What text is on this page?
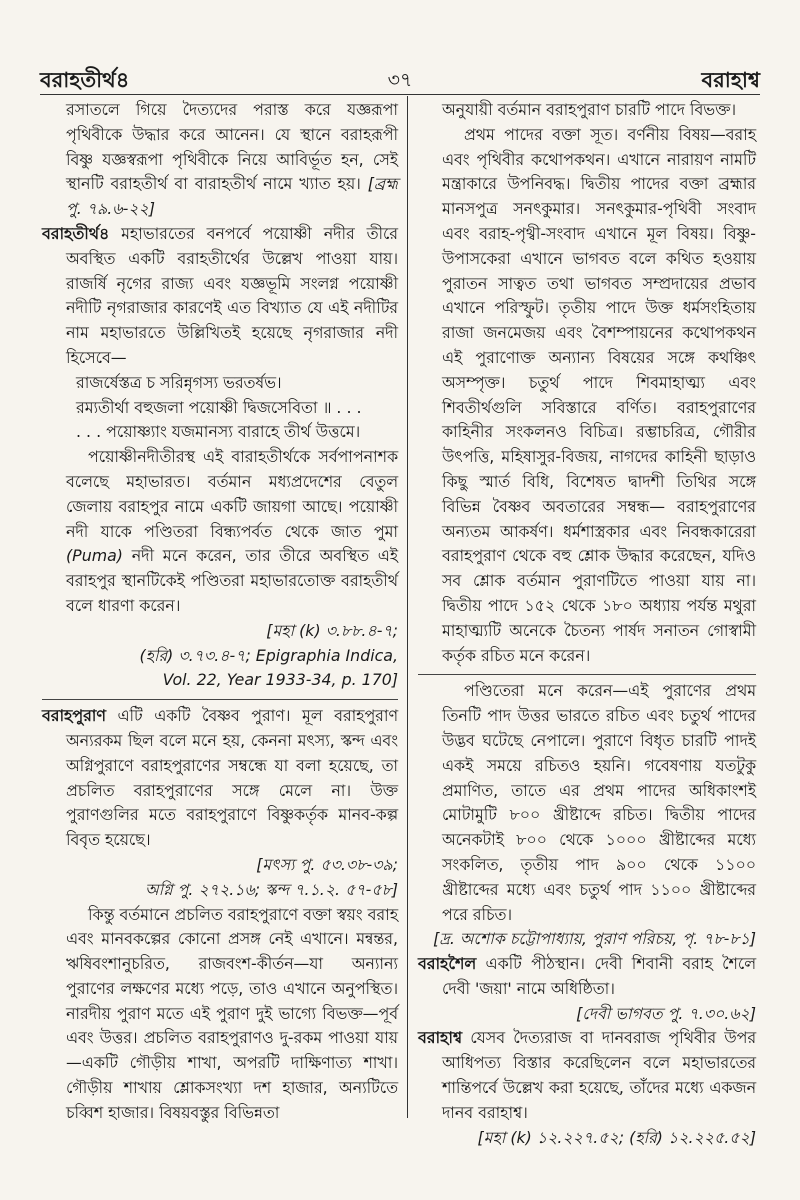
বরাহতীর্থ৪	৩৭	বরাহাশ্ব

রসাতলে গিয়ে দৈত্যদের পরাস্ত করে যজ্ঞরূপা পৃথিবীকে উদ্ধার করে আনেন। যে স্থানে বরাহরূপী বিষ্ণু যজ্ঞস্বরূপা পৃথিবীকে নিয়ে আবির্ভূত হন, সেই স্থানটি বরাহতীর্থ বা বারাহতীর্থ নামে খ্যাত হয়। [ব্রহ্ম পু. ৭৯.৬-২২]

বরাহতীর্থ৪ মহাভারতের বনপর্বে পয়োষ্ণী নদীর তীরে অবস্থিত একটি বরাহতীর্থের উল্লেখ পাওয়া যায়। রাজর্ষি নৃগের রাজ্য এবং যজ্ঞভূমি সংলগ্ন পয়োষ্ণী নদীটি নৃগরাজার কারণেই এত বিখ্যাত যে এই নদীটির নাম মহাভারতে উল্লিখিতই হয়েছে নৃগরাজার নদী হিসেবে—

রাজর্ষেস্তত্র চ সরিন্নৃগস্য ভরতর্ষভ।

রম্যতীর্থা বহুজলা পয়োষ্ণী দ্বিজসেবিতা ॥ . . .

. . . পয়োষ্ণ্যাং যজমানস্য বারাহে তীর্থ উত্তমে।

পয়োষ্ণীনদীতীরস্থ এই বারাহতীর্থকে সর্বপাপনাশক বলেছে মহাভারত। বর্তমান মধ্যপ্রদেশের বেতুল জেলায় বরাহপুর নামে একটি জায়গা আছে। পয়োষ্ণী নদী যাকে পণ্ডিতরা বিন্ধ্যপর্বত থেকে জাত পুমা (Puma) নদী মনে করেন, তার তীরে অবস্থিত এই বরাহপুর স্থানটিকেই পণ্ডিতরা মহাভারতোক্ত বরাহতীর্থ বলে ধারণা করেন।

[মহা (k) ৩.৮৮.৪-৭;

(হরি) ৩.৭৩.৪-৭; Epigraphia Indica,

Vol. 22, Year 1933-34, p. 170]

বরাহপুরাণ এটি একটি বৈষ্ণব পুরাণ। মূল বরাহপুরাণ অন্যরকম ছিল বলে মনে হয়, কেননা মৎস্য, স্কন্দ এবং অগ্নিপুরাণে বরাহপুরাণের সম্বন্ধে যা বলা হয়েছে, তা প্রচলিত বরাহপুরাণের সঙ্গে মেলে না। উক্ত পুরাণগুলির মতে বরাহপুরাণে বিষ্ণুকর্তৃক মানব-কল্প বিবৃত হয়েছে।

[মৎস্য পু. ৫৩.৩৮-৩৯;

অগ্নি পু. ২৭২.১৬; স্কন্দ ৭.১.২. ৫৭-৫৮]

কিন্তু বর্তমানে প্রচলিত বরাহপুরাণে বক্তা স্বয়ং বরাহ এবং মানবকল্পের কোনো প্রসঙ্গ নেই এখানে। মন্বন্তর, ঋষিবংশানুচরিত, রাজবংশ-কীর্তন—যা অন্যান্য পুরাণের লক্ষণের মধ্যে পড়ে, তাও এখানে অনুপস্থিত। নারদীয় পুরাণ মতে এই পুরাণ দুই ভাগ্যে বিভক্ত—পূর্ব এবং উত্তর। প্রচলিত বরাহপুরাণও দু-রকম পাওয়া যায়—একটি গৌড়ীয় শাখা, অপরটি দাক্ষিণাত্য শাখা। গৌড়ীয় শাখায় শ্লোকসংখ্যা দশ হাজার, অন্যটিতে চব্বিশ হাজার। বিষয়বস্তুর বিভিন্নতা

অনুযায়ী বর্তমান বরাহপুরাণ চারটি পাদে বিভক্ত।

প্রথম পাদের বক্তা সূত। বর্ণনীয় বিষয়—বরাহ এবং পৃথিবীর কথোপকথন। এখানে নারায়ণ নামটি মন্ত্রাকারে উপনিবদ্ধ। দ্বিতীয় পাদের বক্তা ব্রহ্মার মানসপুত্র সনৎকুমার। সনৎকুমার-পৃথিবী সংবাদ এবং বরাহ-পৃথ্বী-সংবাদ এখানে মূল বিষয়। বিষ্ণু-উপাসকেরা এখানে ভাগবত বলে কথিত হওয়ায় পুরাতন সাত্বত তথা ভাগবত সম্প্রদায়ের প্রভাব এখানে পরিস্ফুট। তৃতীয় পাদে উক্ত ধর্মসংহিতায় রাজা জনমেজয় এবং বৈশম্পায়নের কথোপকথন এই পুরাণোক্ত অন্যান্য বিষয়ের সঙ্গে কথঞ্চিৎ অসম্পৃক্ত। চতুর্থ পাদে শিবমাহাত্ম্য এবং শিবতীর্থগুলি সবিস্তারে বর্ণিত। বরাহপুরাণের কাহিনীর সংকলনও বিচিত্র। রম্ভাচরিত্র, গৌরীর উৎপত্তি, মহিষাসুর-বিজয়, নাগদের কাহিনী ছাড়াও কিছু স্মার্ত বিধি, বিশেষত দ্বাদশী তিথির সঙ্গে বিভিন্ন বৈষ্ণব অবতারের সম্বন্ধ— বরাহপুরাণের অন্যতম আকর্ষণ। ধর্মশাস্ত্রকার এবং নিবন্ধকারেরা বরাহপুরাণ থেকে বহু শ্লোক উদ্ধার করেছেন, যদিও সব শ্লোক বর্তমান পুরাণটিতে পাওয়া যায় না। দ্বিতীয় পাদে ১৫২ থেকে ১৮০ অধ্যায় পর্যন্ত মথুরা মাহাত্ম্যটি অনেকে চৈতন্য পার্ষদ সনাতন গোস্বামী কর্তৃক রচিত মনে করেন।

পণ্ডিতেরা মনে করেন—এই পুরাণের প্রথম তিনটি পাদ উত্তর ভারতে রচিত এবং চতুর্থ পাদের উদ্ভব ঘটেছে নেপালে। পুরাণে বিধৃত চারটি পাদই একই সময়ে রচিতও হয়নি। গবেষণায় যতটুকু প্রমাণিত, তাতে এর প্রথম পাদের অধিকাংশই মোটামুটি ৮০০ খ্রীষ্টাব্দে রচিত। দ্বিতীয় পাদের অনেকটাই ৮০০ থেকে ১০০০ খ্রীষ্টাব্দের মধ্যে সংকলিত, তৃতীয় পাদ ৯০০ থেকে ১১০০ খ্রীষ্টাব্দের মধ্যে এবং চতুর্থ পাদ ১১০০ খ্রীষ্টাব্দের পরে রচিত।

[দ্র. অশোক চট্টোপাধ্যায়, পুরাণ পরিচয়, পৃ. ৭৮-৮১]

বরাহশৈল একটি পীঠস্থান। দেবী শিবানী বরাহ শৈলে দেবী 'জয়া' নামে অধিষ্ঠিতা।

[দেবী ভাগবত পু. ৭.৩০.৬২]

বরাহাশ্ব যেসব দৈত্যরাজ বা দানবরাজ পৃথিবীর উপর আধিপত্য বিস্তার করেছিলেন বলে মহাভারতের শান্তিপর্বে উল্লেখ করা হয়েছে, তাঁদের মধ্যে একজন দানব বরাহাশ্ব।

[মহা (k) ১২.২২৭.৫২; (হরি) ১২.২২৫.৫২]
